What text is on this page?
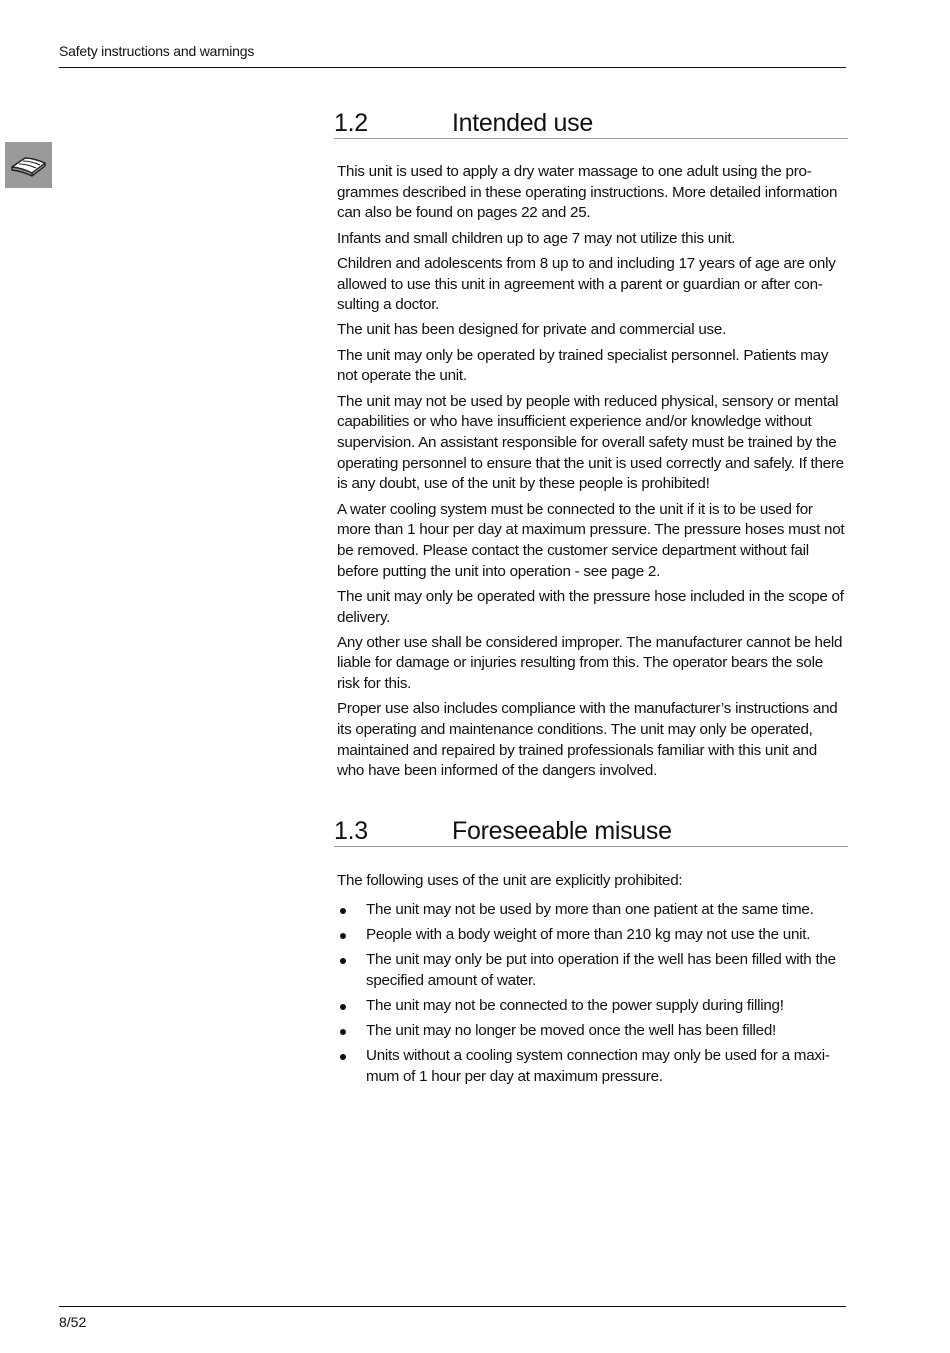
Safety instructions and warnings
1.2	Intended use

This unit is used to apply a dry water massage to one adult using the pro-grammes described in these operating instructions. More detailed information can also be found on pages 22 and 25.

Infants and small children up to age 7 may not utilize this unit.

Children and adolescents from 8 up to and including 17 years of age are only allowed to use this unit in agreement with a parent or guardian or after con-sulting a doctor.

The unit has been designed for private and commercial use.

The unit may only be operated by trained specialist personnel. Patients may not operate the unit.

The unit may not be used by people with reduced physical, sensory or mental capabilities or who have insufficient experience and/or knowledge without supervision. An assistant responsible for overall safety must be trained by the operating personnel to ensure that the unit is used correctly and safely. If there is any doubt, use of the unit by these people is prohibited!

A water cooling system must be connected to the unit if it is to be used for more than 1 hour per day at maximum pressure. The pressure hoses must not be removed. Please contact the customer service department without fail before putting the unit into operation - see page 2.

The unit may only be operated with the pressure hose included in the scope of delivery.

Any other use shall be considered improper. The manufacturer cannot be held liable for damage or injuries resulting from this. The operator bears the sole risk for this.

Proper use also includes compliance with the manufacturer’s instructions and its operating and maintenance conditions. The unit may only be operated, maintained and repaired by trained professionals familiar with this unit and who have been informed of the dangers involved.

1.3	Foreseeable misuse

The following uses of the unit are explicitly prohibited:

The unit may not be used by more than one patient at the same time.
People with a body weight of more than 210 kg may not use the unit.
The unit may only be put into operation if the well has been filled with the specified amount of water.
The unit may not be connected to the power supply during filling!
The unit may no longer be moved once the well has been filled!
Units without a cooling system connection may only be used for a maxi-mum of 1 hour per day at maximum pressure.
8/52
